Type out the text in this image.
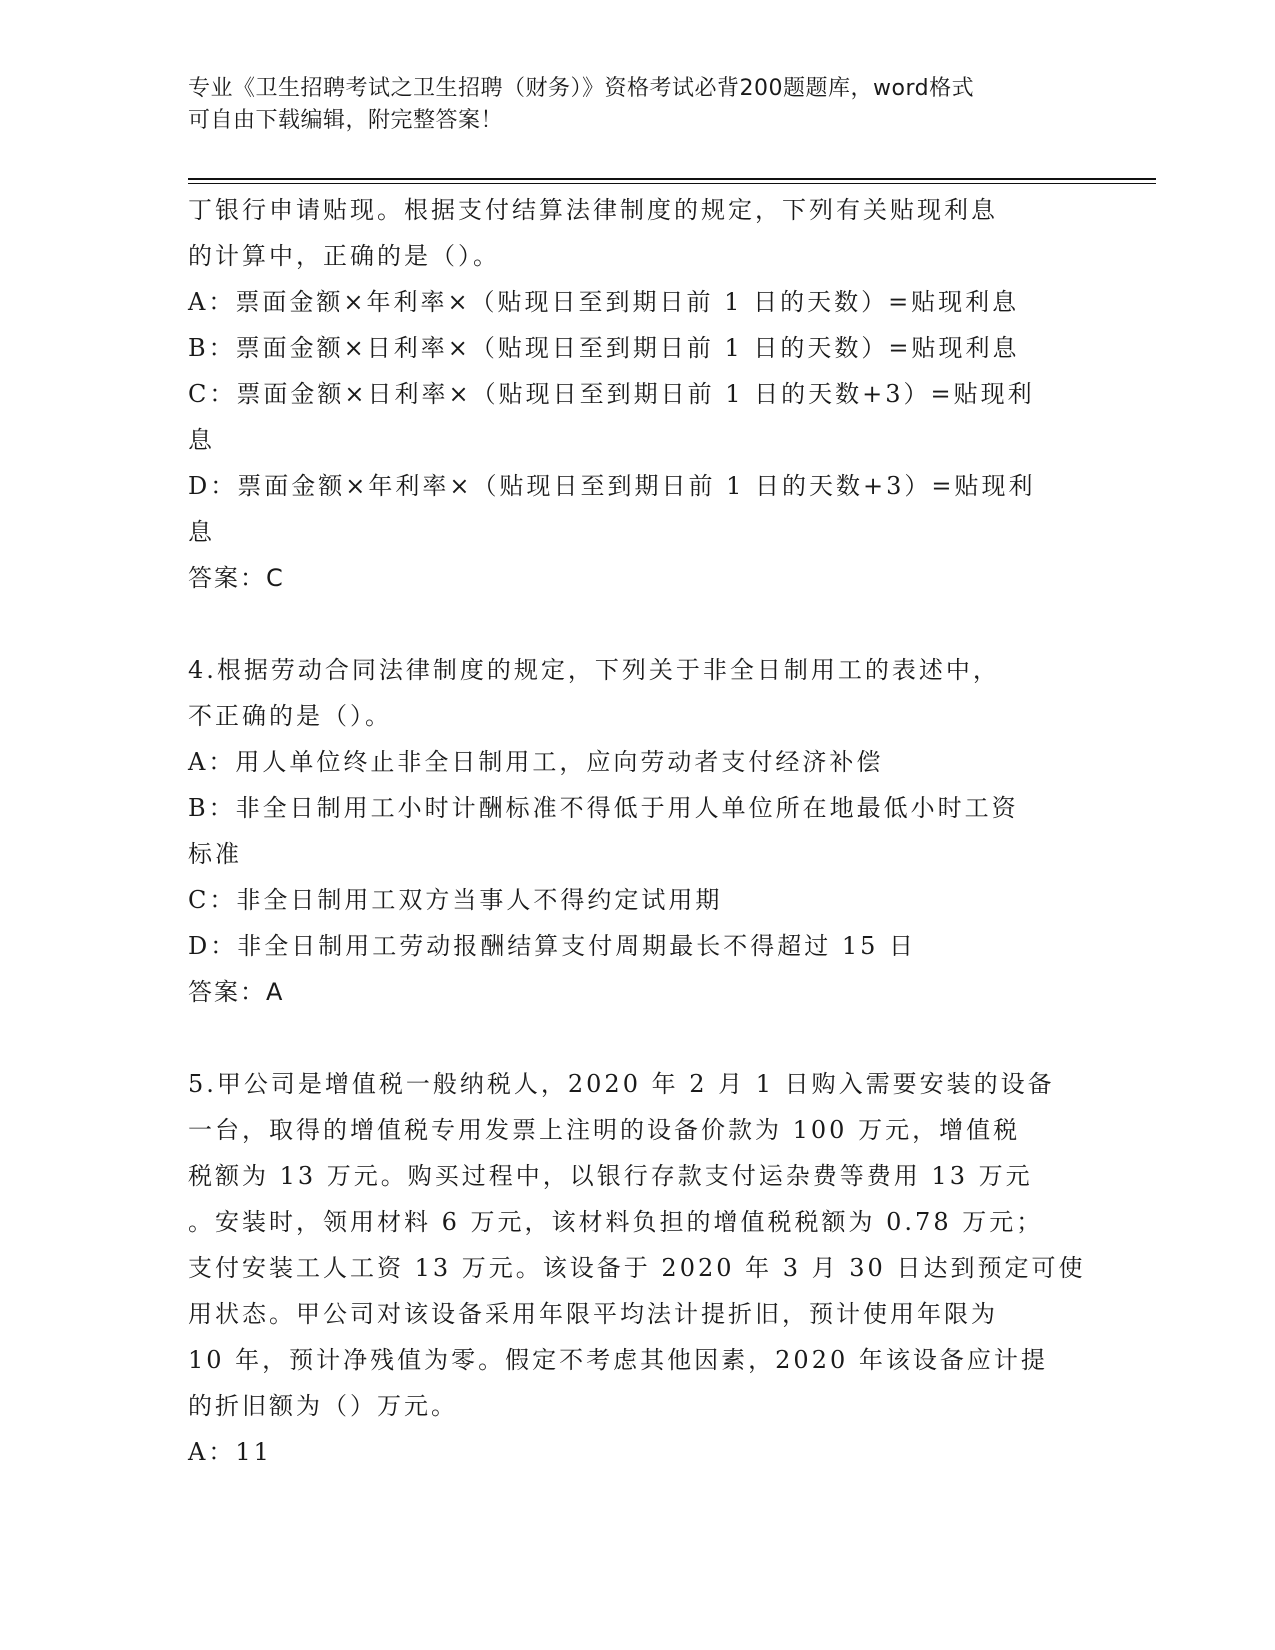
专业《卫生招聘考试之卫生招聘（财务）》资格考试必背200题题库，word格式
可自由下载编辑，附完整答案！
丁银行申请贴现。根据支付结算法律制度的规定，下列有关贴现利息
的计算中，正确的是（）。
A：票面金额×年利率×（贴现日至到期日前 1 日的天数）=贴现利息
B：票面金额×日利率×（贴现日至到期日前 1 日的天数）=贴现利息
C：票面金额×日利率×（贴现日至到期日前 1 日的天数+3）=贴现利
息
D：票面金额×年利率×（贴现日至到期日前 1 日的天数+3）=贴现利
息
答案：C
4.根据劳动合同法律制度的规定，下列关于非全日制用工的表述中，
不正确的是（）。
A：用人单位终止非全日制用工，应向劳动者支付经济补偿
B：非全日制用工小时计酬标准不得低于用人单位所在地最低小时工资
标准
C：非全日制用工双方当事人不得约定试用期
D：非全日制用工劳动报酬结算支付周期最长不得超过 15 日
答案：A
5.甲公司是增值税一般纳税人，2020 年 2 月 1 日购入需要安装的设备
一台，取得的增值税专用发票上注明的设备价款为 100 万元，增值税
税额为 13 万元。购买过程中，以银行存款支付运杂费等费用 13 万元
。安装时，领用材料 6 万元，该材料负担的增值税税额为 0.78 万元；
支付安装工人工资 13 万元。该设备于 2020 年 3 月 30 日达到预定可使
用状态。甲公司对该设备采用年限平均法计提折旧，预计使用年限为
10 年，预计净残值为零。假定不考虑其他因素，2020 年该设备应计提
的折旧额为（）万元。
A：11
